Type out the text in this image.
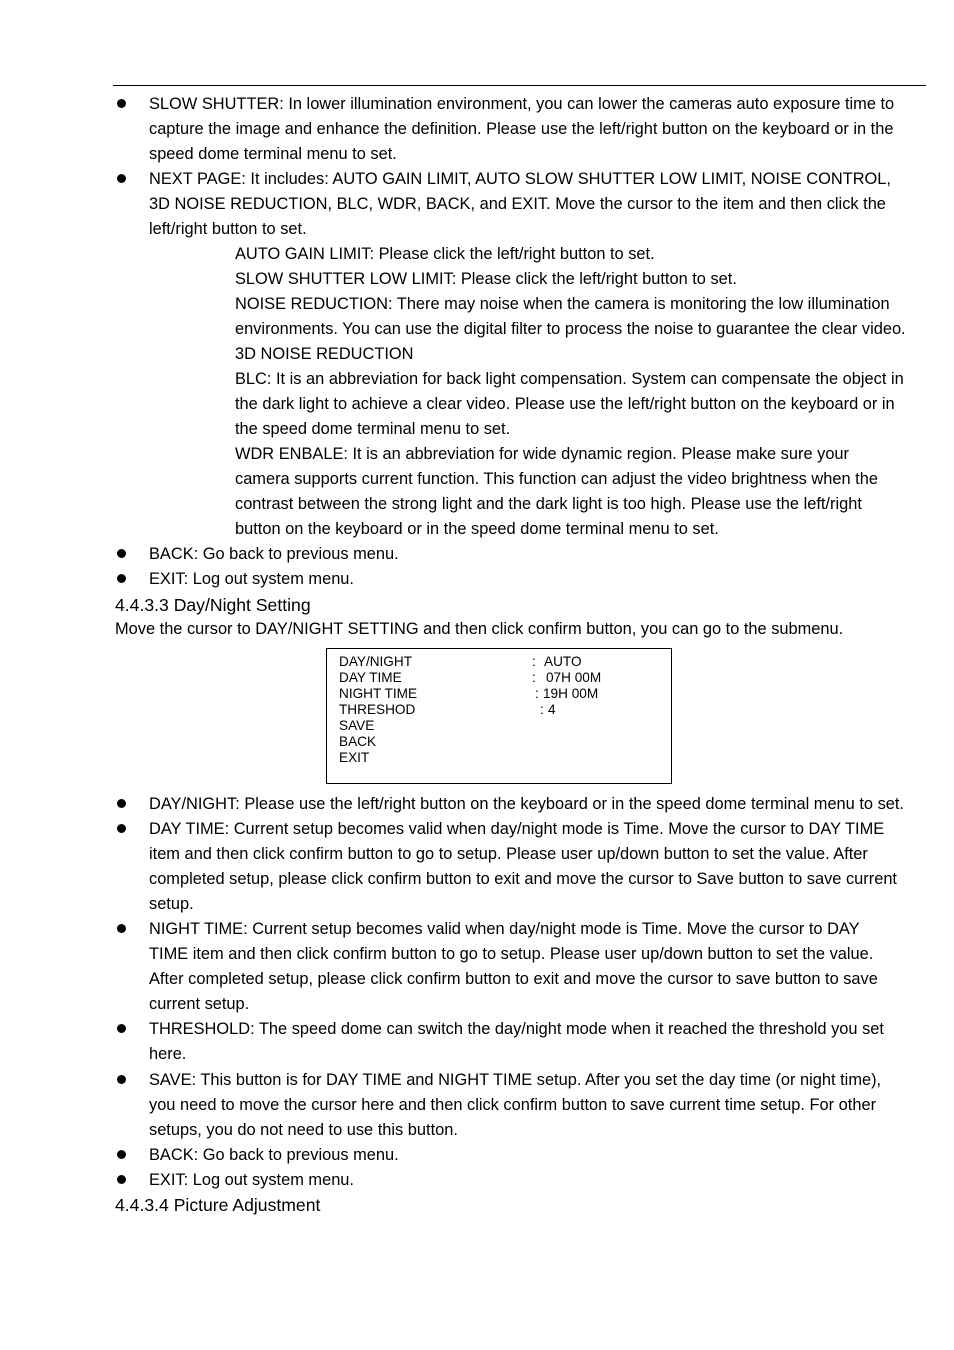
SLOW SHUTTER: In lower illumination environment, you can lower the cameras auto exposure time to
capture the image and enhance the definition. Please use the left/right button on the keyboard or in the
speed dome terminal menu to set.
NEXT PAGE: It includes: AUTO GAIN LIMIT, AUTO SLOW SHUTTER LOW LIMIT, NOISE CONTROL,
3D NOISE REDUCTION, BLC, WDR, BACK, and EXIT. Move the cursor to the item and then click the
left/right button to set.
AUTO GAIN LIMIT: Please click the left/right button to set.
SLOW SHUTTER LOW LIMIT: Please click the left/right button to set.
NOISE REDUCTION: There may noise when the camera is monitoring the low illumination
environments. You can use the digital filter to process the noise to guarantee the clear video.
3D NOISE REDUCTION
BLC: It is an abbreviation for back light compensation. System can compensate the object in
the dark light to achieve a clear video. Please use the left/right button on the keyboard or in
the speed dome terminal menu to set.
WDR ENBALE: It is an abbreviation for wide dynamic region. Please make sure your
camera supports current function. This function can adjust the video brightness when the
contrast between the strong light and the dark light is too high. Please use the left/right
button on the keyboard or in the speed dome terminal menu to set.
BACK: Go back to previous menu.
EXIT: Log out system menu.
4.4.3.3 Day/Night Setting
Move the cursor to DAY/NIGHT SETTING and then click confirm button, you can go to the submenu.
DAY/NIGHT	: AUTO
DAY TIME	: 07H 00M
NIGHT TIME	: 19H 00M
THRESHOD	: 4
SAVE
BACK
EXIT
DAY/NIGHT: Please use the left/right button on the keyboard or in the speed dome terminal menu to set.
DAY TIME: Current setup becomes valid when day/night mode is Time. Move the cursor to DAY TIME
item and then click confirm button to go to setup. Please user up/down button to set the value. After
completed setup, please click confirm button to exit and move the cursor to Save button to save current
setup.
NIGHT TIME: Current setup becomes valid when day/night mode is Time. Move the cursor to DAY
TIME item and then click confirm button to go to setup. Please user up/down button to set the value.
After completed setup, please click confirm button to exit and move the cursor to save button to save
current setup.
THRESHOLD: The speed dome can switch the day/night mode when it reached the threshold you set
here.
SAVE: This button is for DAY TIME and NIGHT TIME setup. After you set the day time (or night time),
you need to move the cursor here and then click confirm button to save current time setup. For other
setups, you do not need to use this button.
BACK: Go back to previous menu.
EXIT: Log out system menu.
4.4.3.4 Picture Adjustment
